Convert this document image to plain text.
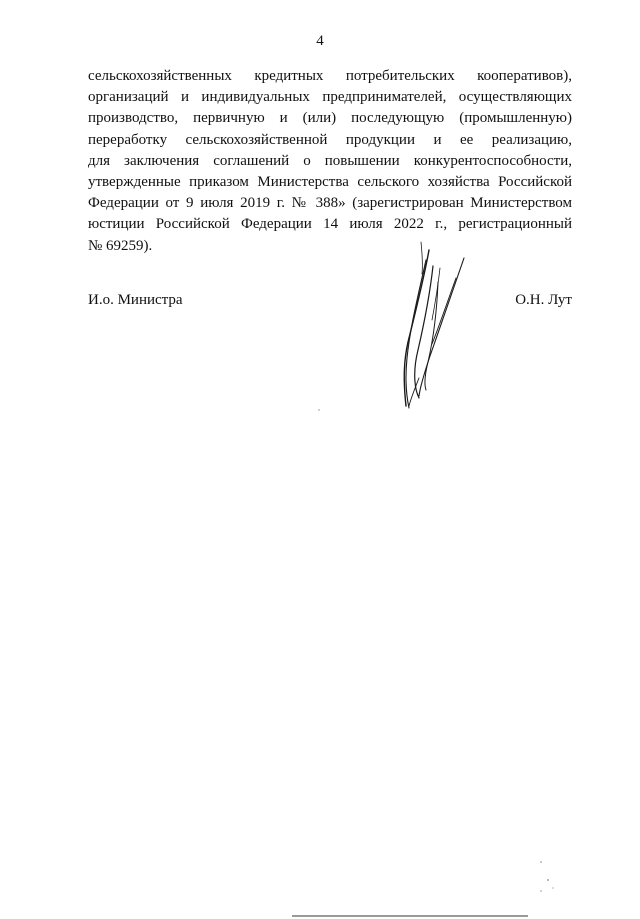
4
сельскохозяйственных кредитных потребительских кооперативов),
организаций и индивидуальных предпринимателей, осуществляющих
производство, первичную и (или) последующую (промышленную)
переработку сельскохозяйственной продукции и ее реализацию,
для заключения соглашений о повышении конкурентоспособности,
утвержденные приказом Министерства сельского хозяйства Российской
Федерации от 9 июля 2019 г. № 388» (зарегистрирован Министерством
юстиции Российской Федерации 14 июля 2022 г., регистрационный
№ 69259).
И.о. Министра	О.Н. Лут
